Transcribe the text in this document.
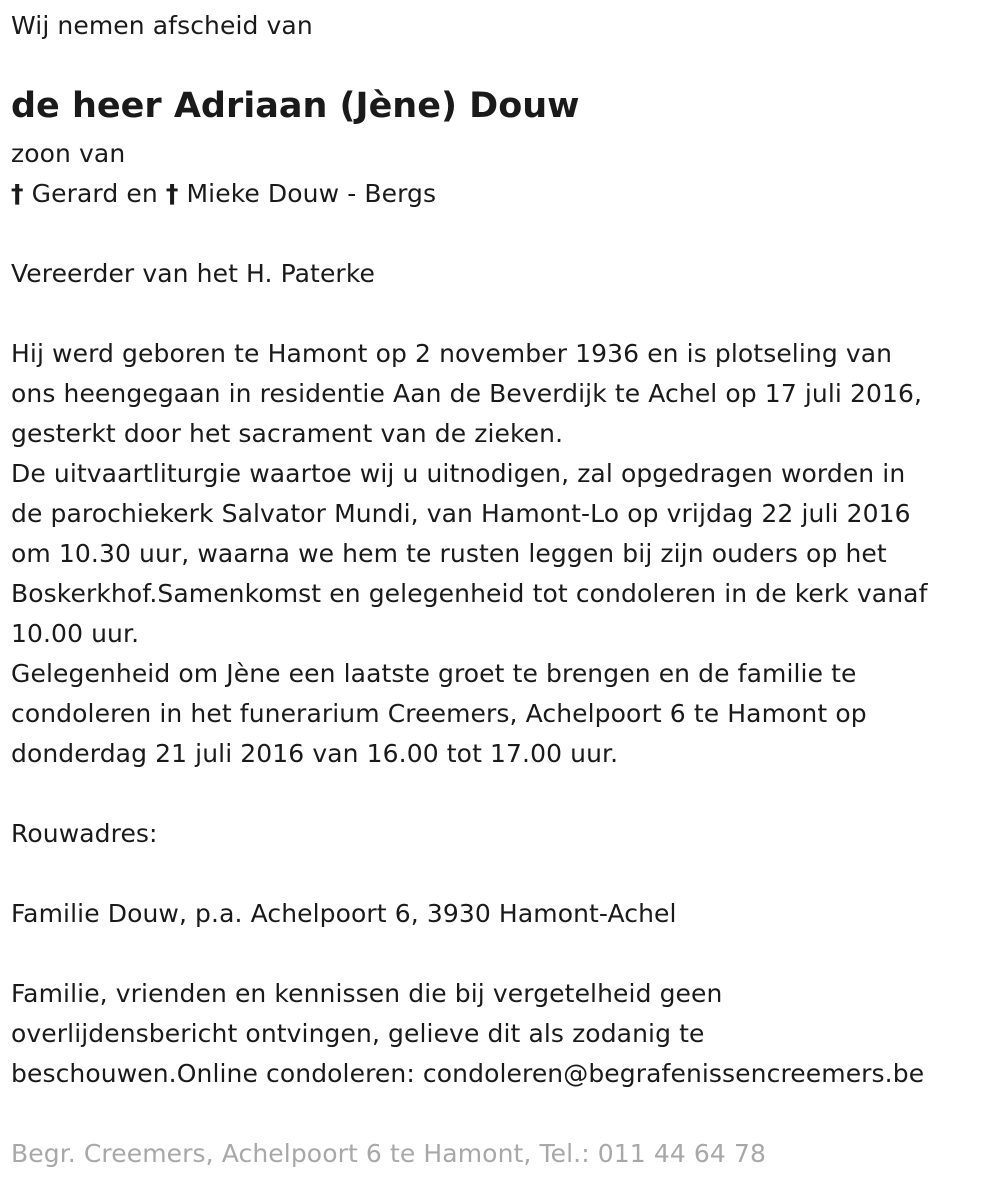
Wij nemen afscheid van
de heer Adriaan (Jène) Douw
zoon van
† Gerard en † Mieke Douw - Bergs
Vereerder van het H. Paterke
Hij werd geboren te Hamont op 2 november 1936 en is plotseling van
ons heengegaan in residentie Aan de Beverdijk te Achel op 17 juli 2016,
gesterkt door het sacrament van de zieken.
De uitvaartliturgie waartoe wij u uitnodigen, zal opgedragen worden in
de parochiekerk Salvator Mundi, van Hamont-Lo op vrijdag 22 juli 2016
om 10.30 uur, waarna we hem te rusten leggen bij zijn ouders op het
Boskerkhof.Samenkomst en gelegenheid tot condoleren in de kerk vanaf
10.00 uur.
Gelegenheid om Jène een laatste groet te brengen en de familie te
condoleren in het funerarium Creemers, Achelpoort 6 te Hamont op
donderdag 21 juli 2016 van 16.00 tot 17.00 uur.
Rouwadres:
Familie Douw, p.a. Achelpoort 6, 3930 Hamont-Achel
Familie, vrienden en kennissen die bij vergetelheid geen
overlijdensbericht ontvingen, gelieve dit als zodanig te
beschouwen.Online condoleren: condoleren@begrafenissencreemers.be
Begr. Creemers, Achelpoort 6 te Hamont, Tel.: 011 44 64 78
